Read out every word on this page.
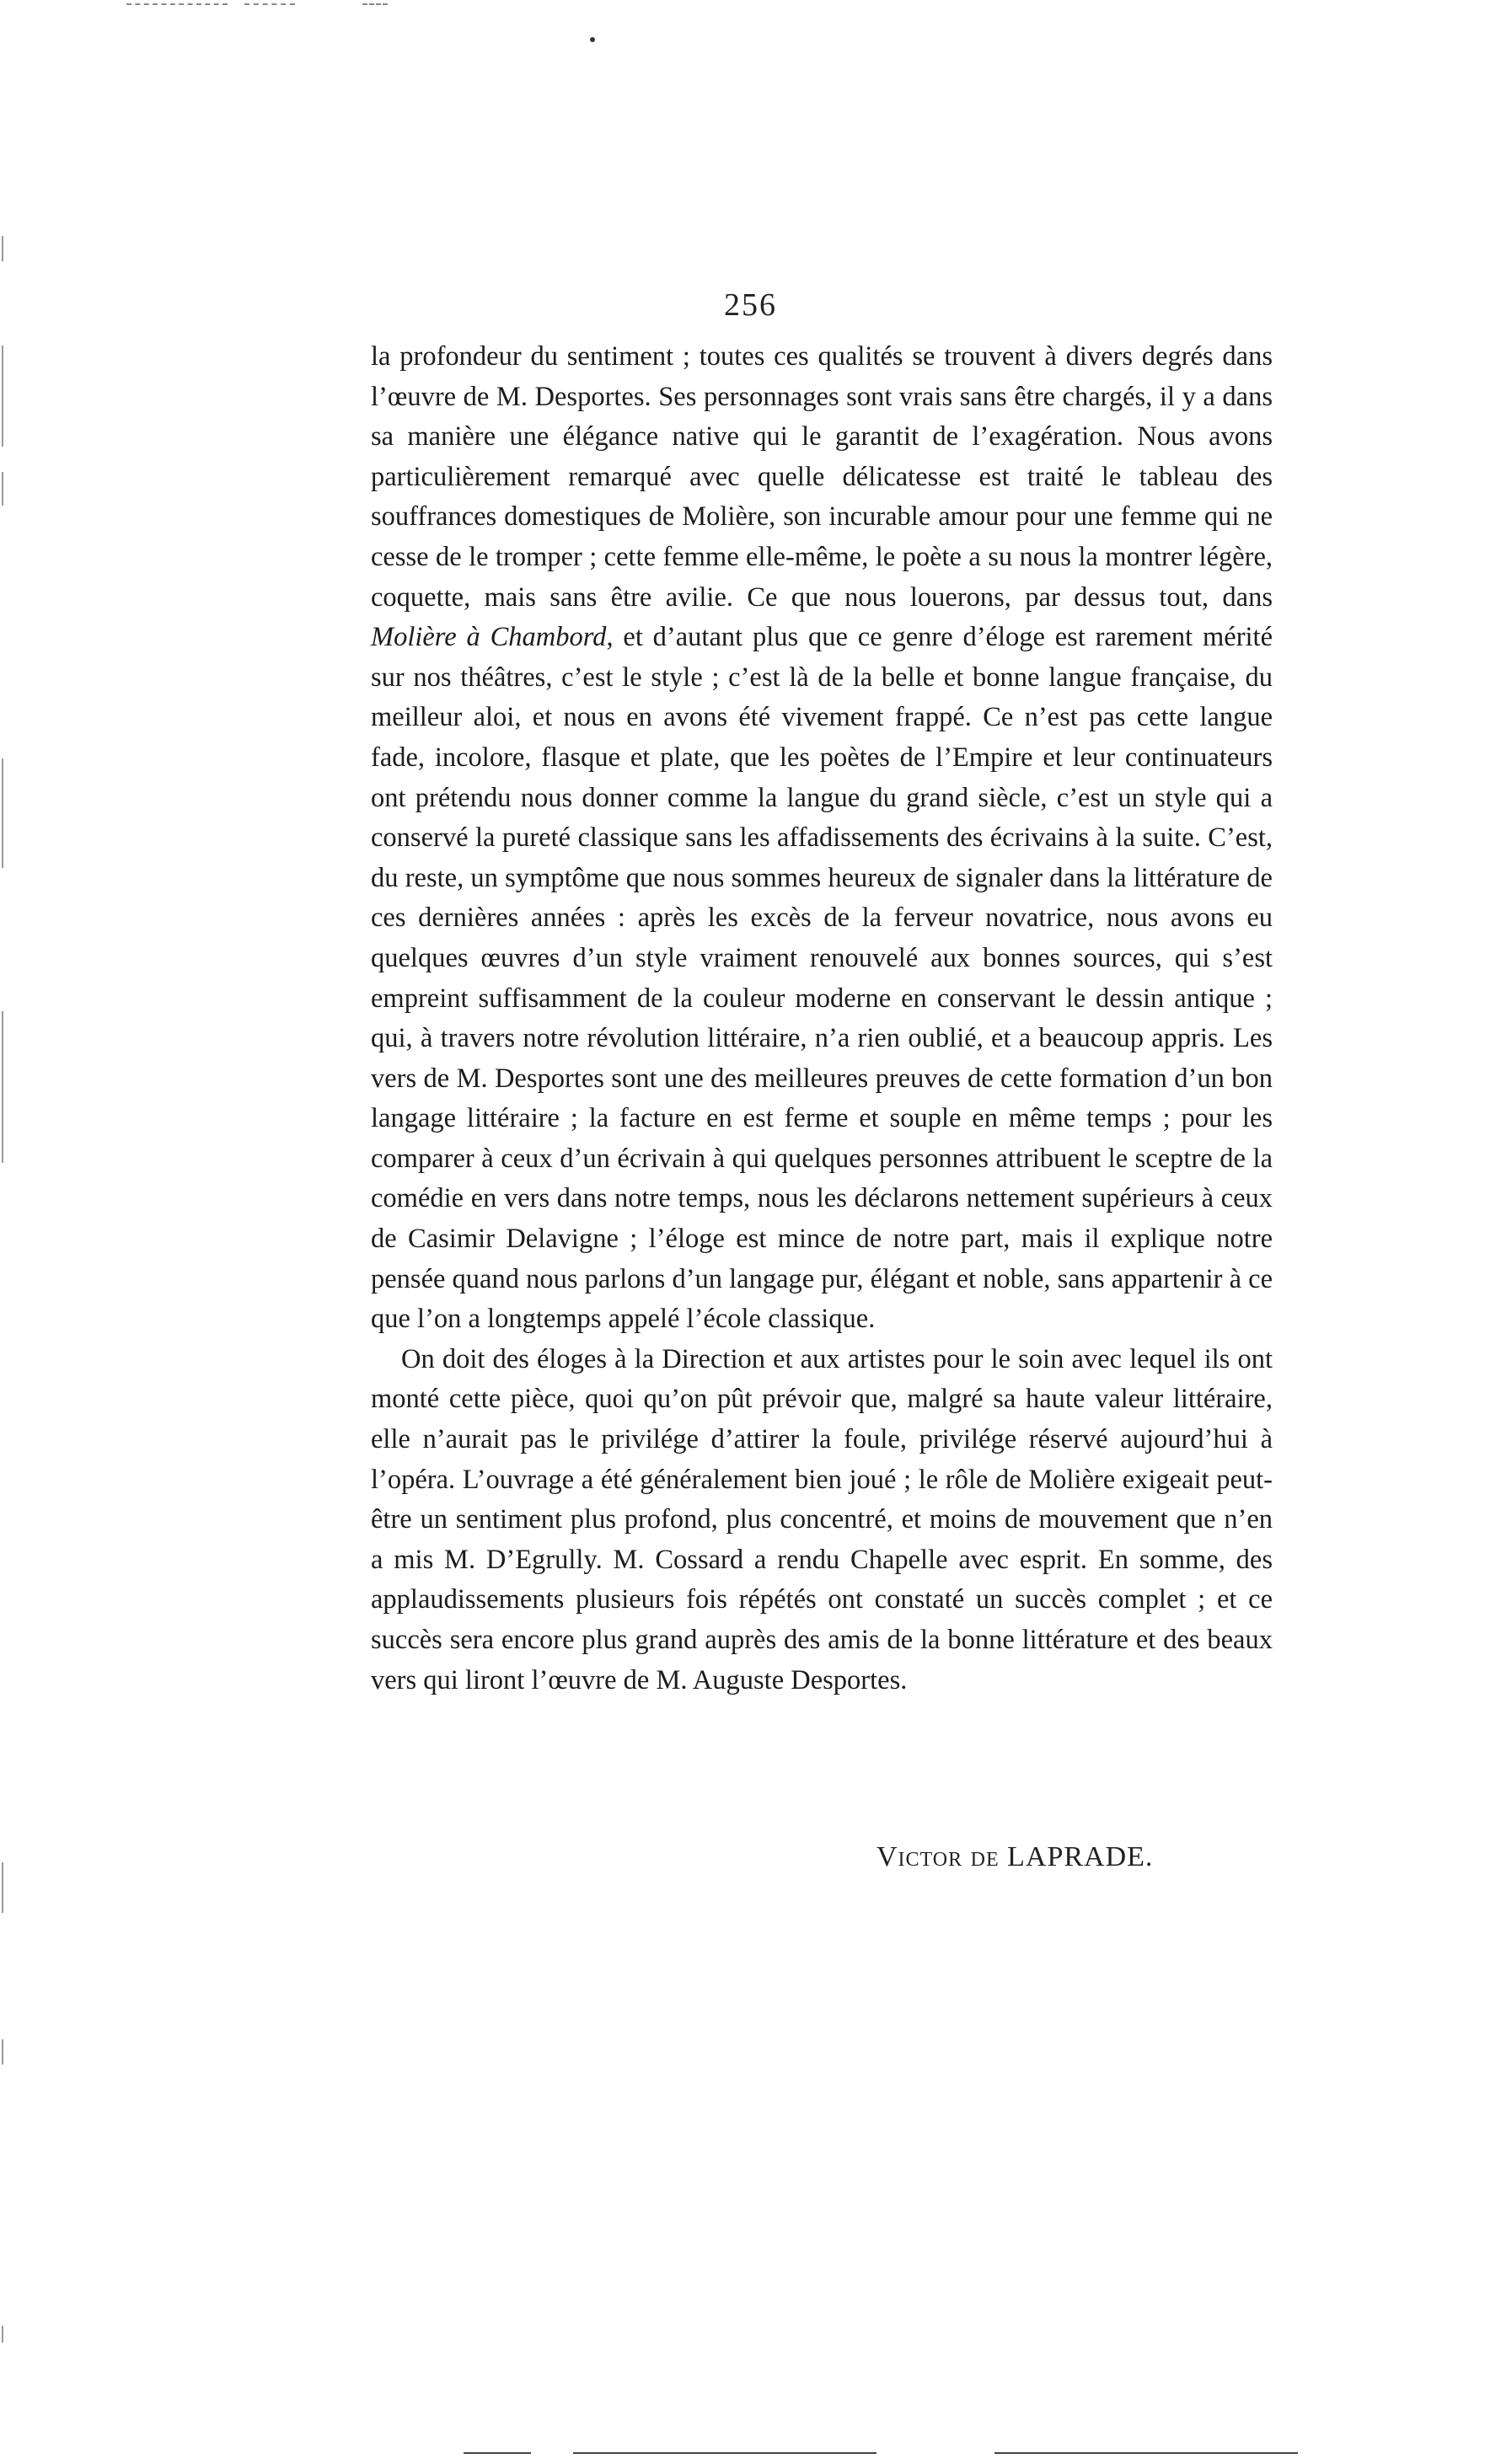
256

la profondeur du sentiment ; toutes ces qualités se trouvent à divers degrés dans l’œuvre de M. Desportes. Ses personnages sont vrais sans être chargés, il y a dans sa manière une élégance native qui le garantit de l’exagération. Nous avons particulièrement remarqué avec quelle délicatesse est traité le tableau des souffrances domestiques de Molière, son incurable amour pour une femme qui ne cesse de le tromper ; cette femme elle-même, le poète a su nous la montrer légère, coquette, mais sans être avilie. Ce que nous louerons, par dessus tout, dans Molière à Chambord, et d’autant plus que ce genre d’éloge est rarement mérité sur nos théâtres, c’est le style ; c’est là de la belle et bonne langue française, du meilleur aloi, et nous en avons été vivement frappé. Ce n’est pas cette langue fade, incolore, flasque et plate, que les poètes de l’Empire et leur continuateurs ont prétendu nous donner comme la langue du grand siècle, c’est un style qui a conservé la pureté classique sans les affadissements des écrivains à la suite. C’est, du reste, un symptôme que nous sommes heureux de signaler dans la littérature de ces dernières années : après les excès de la ferveur novatrice, nous avons eu quelques œuvres d’un style vraiment renouvelé aux bonnes sources, qui s’est empreint suffisamment de la couleur moderne en conservant le dessin antique ; qui, à travers notre révolution littéraire, n’a rien oublié, et a beaucoup appris. Les vers de M. Desportes sont une des meilleures preuves de cette formation d’un bon langage littéraire ; la facture en est ferme et souple en même temps ; pour les comparer à ceux d’un écrivain à qui quelques personnes attribuent le sceptre de la comédie en vers dans notre temps, nous les déclarons nettement supérieurs à ceux de Casimir Delavigne ; l’éloge est mince de notre part, mais il explique notre pensée quand nous parlons d’un langage pur, élégant et noble, sans appartenir à ce que l’on a longtemps appelé l’école classique.

On doit des éloges à la Direction et aux artistes pour le soin avec lequel ils ont monté cette pièce, quoi qu’on pût prévoir que, malgré sa haute valeur littéraire, elle n’aurait pas le privilége d’attirer la foule, privilége réservé aujourd’hui à l’opéra. L’ouvrage a été généralement bien joué ; le rôle de Molière exigeait peut-être un sentiment plus profond, plus concentré, et moins de mouvement que n’en a mis M. D’Egrully. M. Cossard a rendu Chapelle avec esprit. En somme, des applaudissements plusieurs fois répétés ont constaté un succès complet ; et ce succès sera encore plus grand auprès des amis de la bonne littérature et des beaux vers qui liront l’œuvre de M. Auguste Desportes.

Victor de LAPRADE.
